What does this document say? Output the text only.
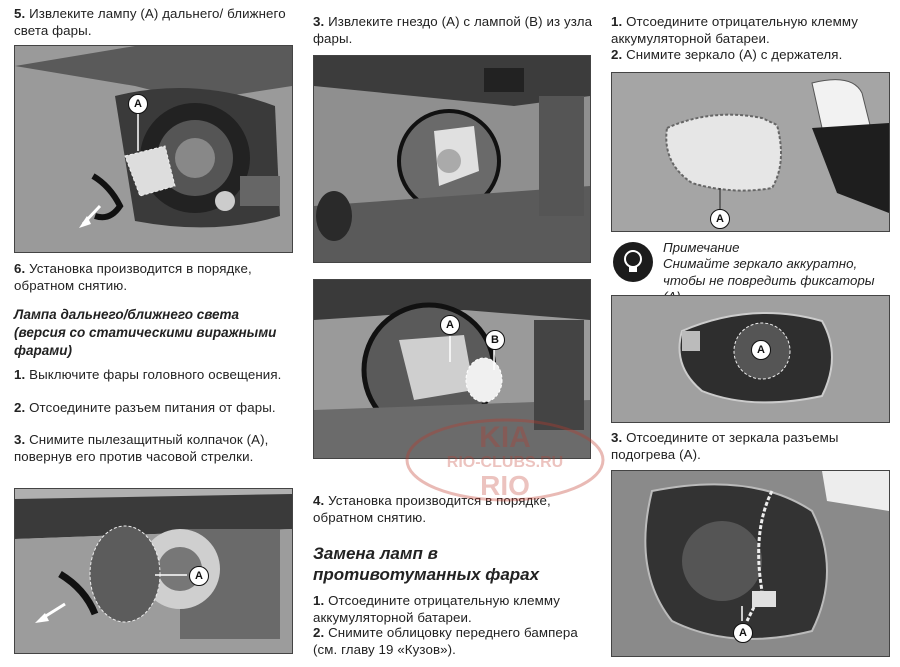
5. Извлеките лампу (А) дальнего/ ближнего света фары.
A
6. Установка производится в порядке, обратном снятию.
Лампа дальнего/ближнего света (версия со статическими виражными фарами)
1. Выключите фары головного освещения.
2. Отсоедините разъем питания от фары.
3. Снимите пылезащитный колпачок (А), повернув его против часовой стрелки.
A
3. Извлеките гнездо (А) с лампой (В) из узла фары.
A
B
4. Установка производится в порядке, обратном снятию.
Замена ламп в противотуманных фарах
1. Отсоедините отрицательную клемму аккумуляторной батареи.
2. Снимите облицовку переднего бампера (см. главу 19 «Кузов»).
1. Отсоедините отрицательную клемму аккумуляторной батареи.
2. Снимите зеркало (А) с держателя.
A
Примечание
Снимайте зеркало аккуратно, чтобы не повредить фиксаторы
A
3. Отсоедините от зеркала разъемы подогрева (А).
A
KIA
RIO-CLUBS.RU
RIO
